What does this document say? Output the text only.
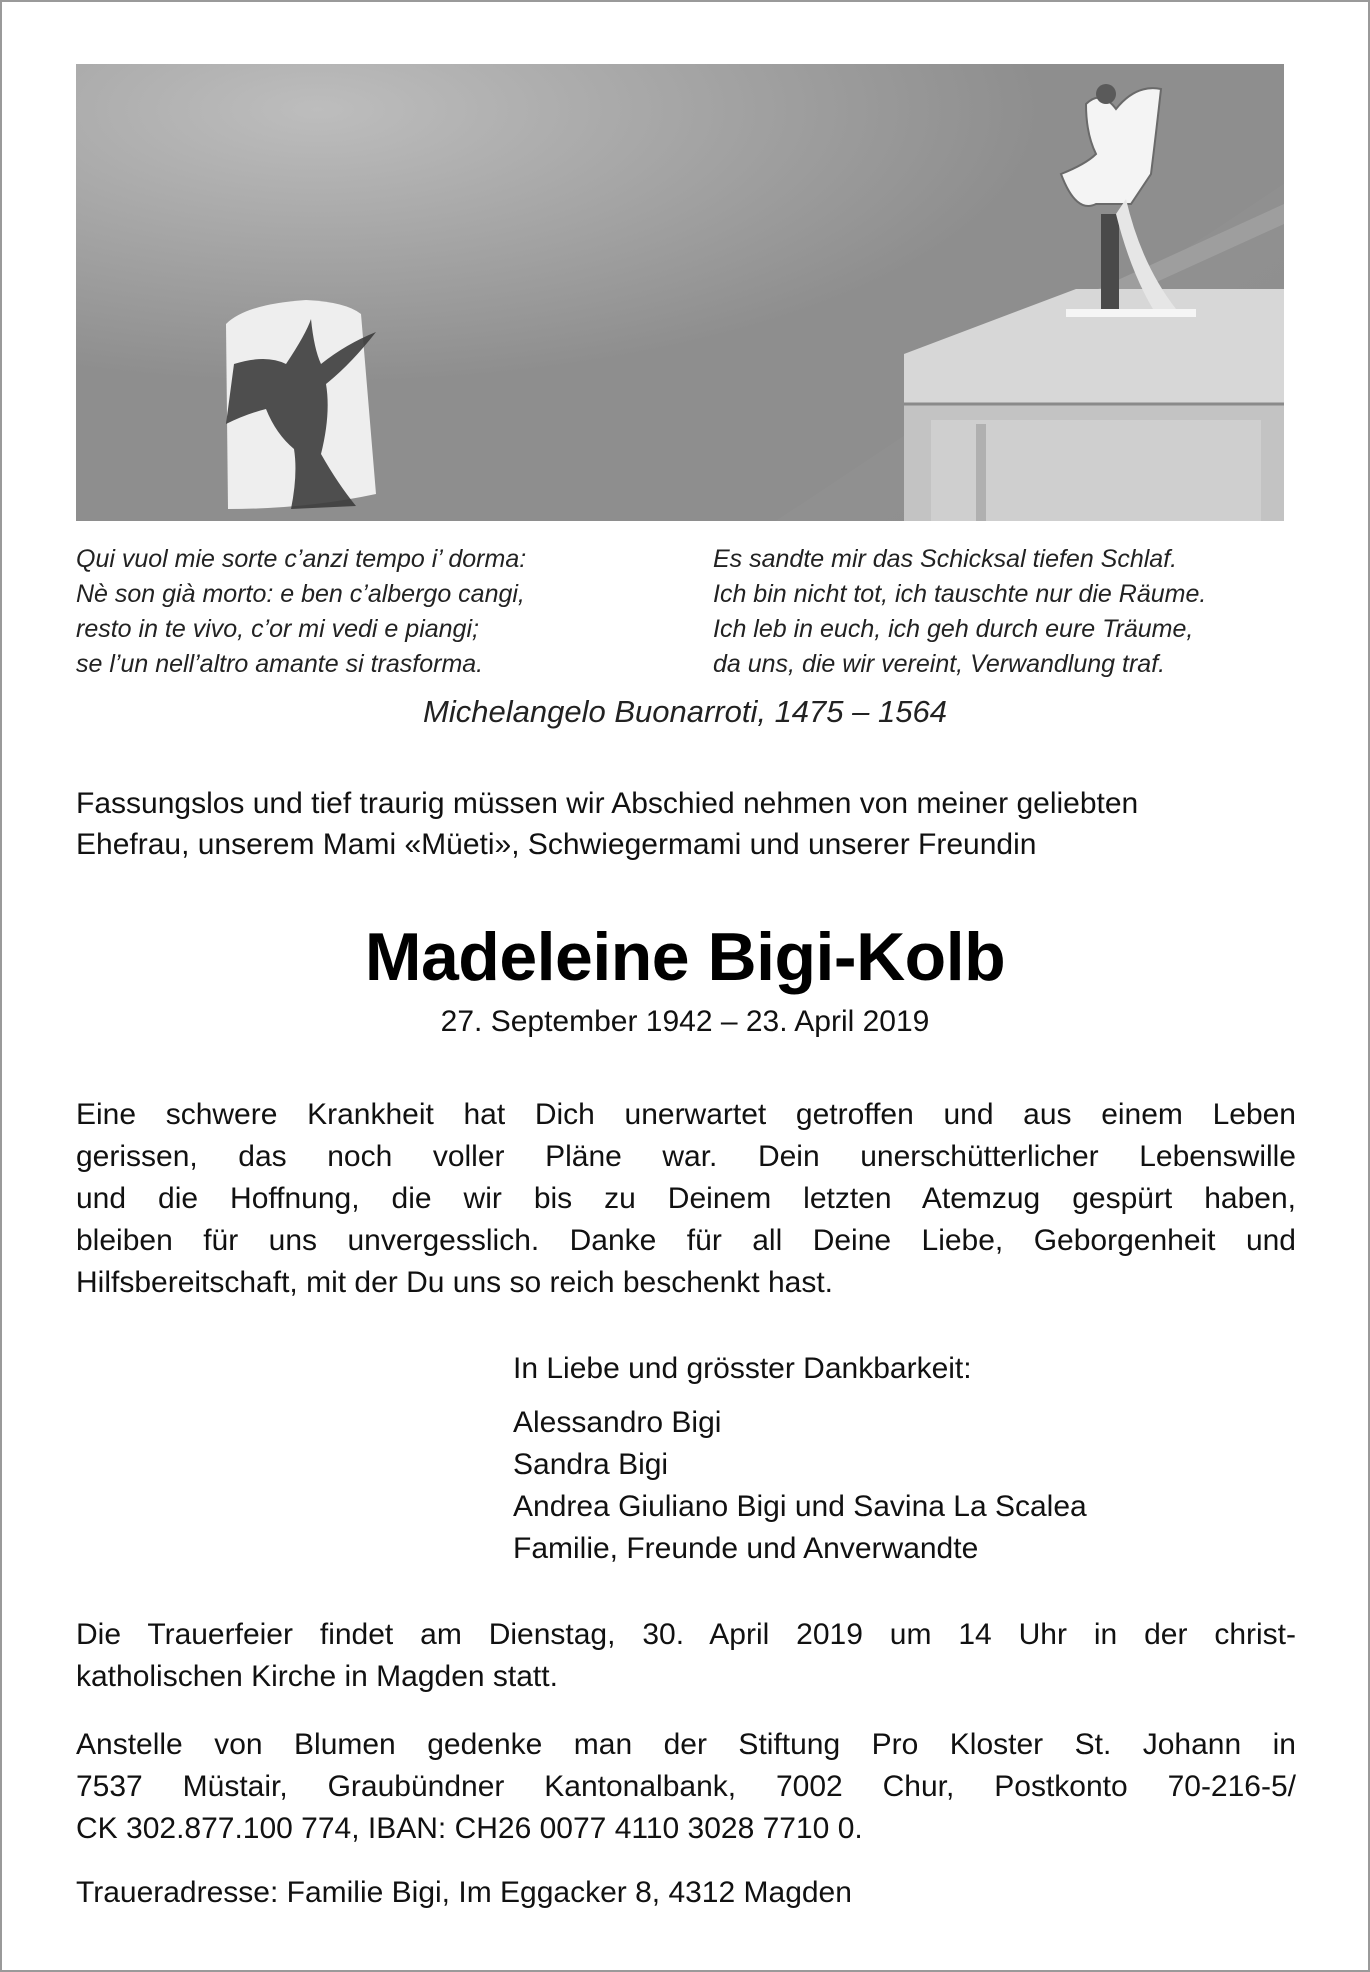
Qui vuol mie sorte c’anzi tempo i’ dorma:
Nè son già morto: e ben c’albergo cangi,
resto in te vivo, c’or mi vedi e piangi;
se l’un nell’altro amante si trasforma.
Es sandte mir das Schicksal tiefen Schlaf.
Ich bin nicht tot, ich tauschte nur die Räume.
Ich leb in euch, ich geh durch eure Träume,
da uns, die wir vereint, Verwandlung traf.
Michelangelo Buonarroti, 1475 – 1564
Fassungslos und tief traurig müssen wir Abschied nehmen von meiner geliebten
Ehefrau, unserem Mami «Müeti», Schwiegermami und unserer Freundin
Madeleine Bigi-Kolb
27. September 1942 – 23. April 2019
Eine schwere Krankheit hat Dich unerwartet getroffen und aus einem Leben
gerissen, das noch voller Pläne war. Dein unerschütterlicher Lebenswille
und die Hoffnung, die wir bis zu Deinem letzten Atemzug gespürt haben,
bleiben für uns unvergesslich. Danke für all Deine Liebe, Geborgenheit und
Hilfsbereitschaft, mit der Du uns so reich beschenkt hast.
In Liebe und grösster Dankbarkeit:
Alessandro Bigi
Sandra Bigi
Andrea Giuliano Bigi und Savina La Scalea
Familie, Freunde und Anverwandte
Die Trauerfeier findet am Dienstag, 30. April 2019 um 14 Uhr in der christ-
katholischen Kirche in Magden statt.
Anstelle von Blumen gedenke man der Stiftung Pro Kloster St. Johann in
7537 Müstair, Graubündner Kantonalbank, 7002 Chur, Postkonto 70-216-5/
CK 302.877.100 774, IBAN: CH26 0077 4110 3028 7710 0.
Traueradresse: Familie Bigi, Im Eggacker 8, 4312 Magden
